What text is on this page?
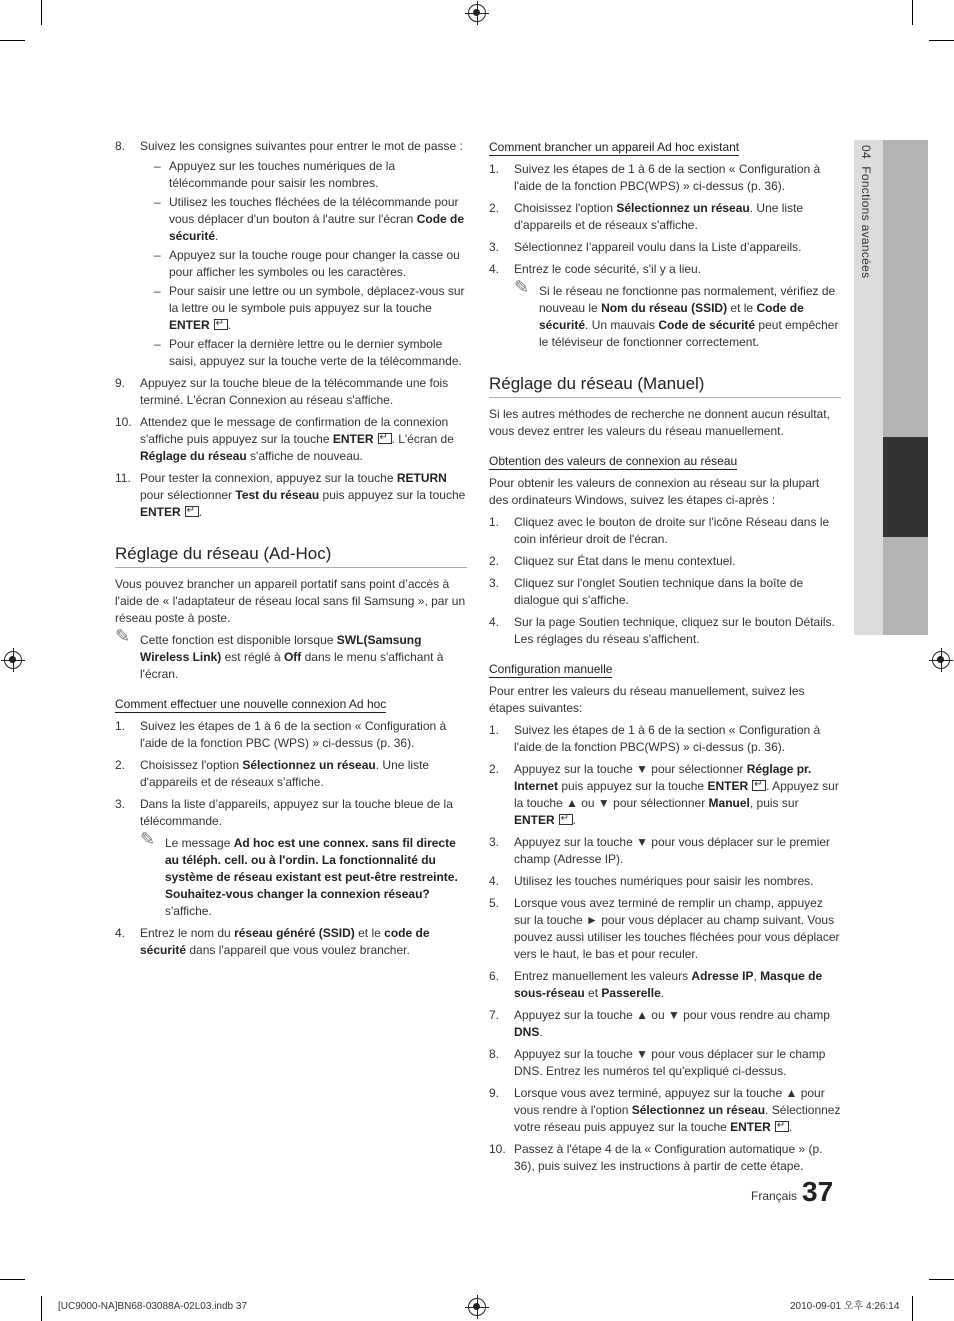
8. Suivez les consignes suivantes pour entrer le mot de passe :
– Appuyez sur les touches numériques de la télécommande pour saisir les nombres.
– Utilisez les touches fléchées de la télécommande pour vous déplacer d'un bouton à l'autre sur l'écran Code de sécurité.
– Appuyez sur la touche rouge pour changer la casse ou pour afficher les symboles ou les caractères.
– Pour saisir une lettre ou un symbole, déplacez-vous sur la lettre ou le symbole puis appuyez sur la touche ENTER ↵ .
– Pour effacer la dernière lettre ou le dernier symbole saisi, appuyez sur la touche verte de la télécommande.
9. Appuyez sur la touche bleue de la télécommande une fois terminé. L'écran Connexion au réseau s'affiche.
10. Attendez que le message de confirmation de la connexion s'affiche puis appuyez sur la touche ENTER ↵ . L'écran de Réglage du réseau s'affiche de nouveau.
11. Pour tester la connexion, appuyez sur la touche RETURN pour sélectionner Test du réseau puis appuyez sur la touche ENTER ↵ .
Réglage du réseau (Ad-Hoc)
Vous pouvez brancher un appareil portatif sans point d’accès à l'aide de « l'adaptateur de réseau local sans fil Samsung », par un réseau poste à poste.
✎ Cette fonction est disponible lorsque SWL(Samsung Wireless Link) est réglé à Off dans le menu s'affichant à l'écran.
Comment effectuer une nouvelle connexion Ad hoc
1. Suivez les étapes de 1 à 6 de la section « Configuration à l'aide de la fonction PBC (WPS) » ci-dessus (p. 36).
2. Choisissez l'option Sélectionnez un réseau. Une liste d'appareils et de réseaux s'affiche.
3. Dans la liste d’appareils, appuyez sur la touche bleue de la télécommande.
✎ Le message Ad hoc est une connex. sans fil directe au téléph. cell. ou à l'ordin. La fonctionnalité du système de réseau existant est peut-être restreinte. Souhaitez-vous changer la connexion réseau? s'affiche.
4. Entrez le nom du réseau généré (SSID) et le code de sécurité dans l'appareil que vous voulez brancher.
Comment brancher un appareil Ad hoc existant
1. Suivez les étapes de 1 à 6 de la section « Configuration à l'aide de la fonction PBC(WPS) » ci-dessus (p. 36).
2. Choisissez l'option Sélectionnez un réseau. Une liste d'appareils et de réseaux s'affiche.
3. Sélectionnez l’appareil voulu dans la Liste d’appareils.
4. Entrez le code sécurité, s'il y a lieu.
✎ Si le réseau ne fonctionne pas normalement, vérifiez de nouveau le Nom du réseau (SSID) et le Code de sécurité. Un mauvais Code de sécurité peut empêcher le téléviseur de fonctionner correctement.
Réglage du réseau (Manuel)
Si les autres méthodes de recherche ne donnent aucun résultat, vous devez entrer les valeurs du réseau manuellement.
Obtention des valeurs de connexion au réseau
Pour obtenir les valeurs de connexion au réseau sur la plupart des ordinateurs Windows, suivez les étapes ci-après :
1. Cliquez avec le bouton de droite sur l'icône Réseau dans le coin inférieur droit de l'écran.
2. Cliquez sur État dans le menu contextuel.
3. Cliquez sur l'onglet Soutien technique dans la boîte de dialogue qui s'affiche.
4. Sur la page Soutien technique, cliquez sur le bouton Détails. Les réglages du réseau s'affichent.
Configuration manuelle
Pour entrer les valeurs du réseau manuellement, suivez les étapes suivantes:
1. Suivez les étapes de 1 à 6 de la section « Configuration à l'aide de la fonction PBC(WPS) » ci-dessus (p. 36).
2. Appuyez sur la touche ▼ pour sélectionner Réglage pr. Internet puis appuyez sur la touche ENTER ↵ . Appuyez sur la touche ▲ ou ▼ pour sélectionner Manuel, puis sur ENTER ↵ .
3. Appuyez sur la touche ▼ pour vous déplacer sur le premier champ (Adresse IP).
4. Utilisez les touches numériques pour saisir les nombres.
5. Lorsque vous avez terminé de remplir un champ, appuyez sur la touche ► pour vous déplacer au champ suivant. Vous pouvez aussi utiliser les touches fléchées pour vous déplacer vers le haut, le bas et pour reculer.
6. Entrez manuellement les valeurs Adresse IP, Masque de sous-réseau et Passerelle.
7. Appuyez sur la touche ▲ ou ▼ pour vous rendre au champ DNS.
8. Appuyez sur la touche ▼ pour vous déplacer sur le champ DNS. Entrez les numéros tel qu'expliqué ci-dessus.
9. Lorsque vous avez terminé, appuyez sur la touche ▲ pour vous rendre à l'option Sélectionnez un réseau. Sélectionnez votre réseau puis appuyez sur la touche ENTER ↵ .
10. Passez à l'étape 4 de la « Configuration automatique » (p. 36), puis suivez les instructions à partir de cette étape.
04  Fonctions avancées
Français 37
[UC9000-NA]BN68-03088A-02L03.indb 37	2010-09-01 오후 4:26:14
